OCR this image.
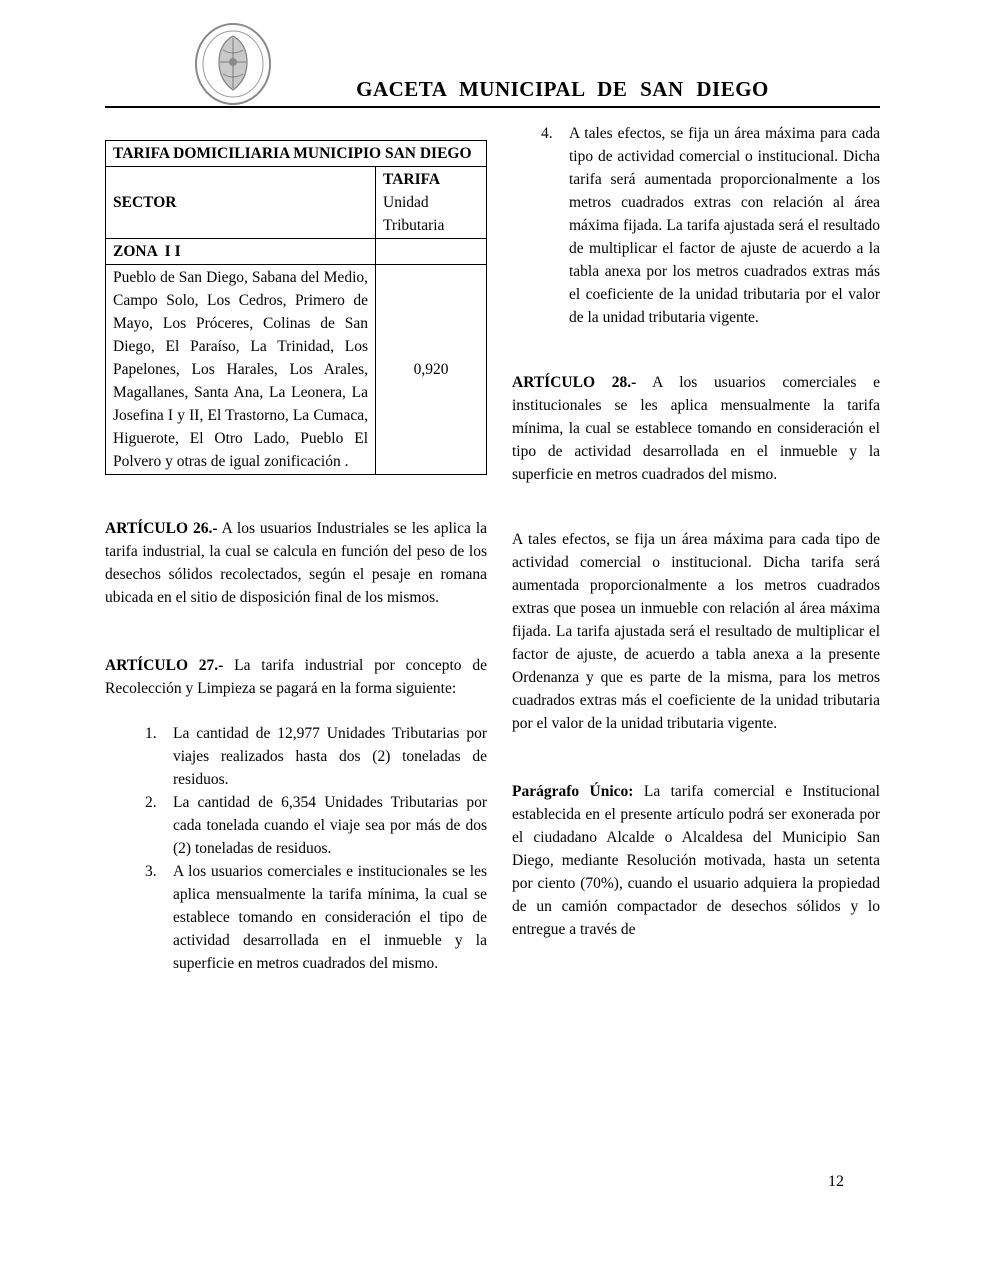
GACETA MUNICIPAL DE SAN DIEGO
TARIFA DOMICILIARIA MUNICIPIO SAN DIEGO	
SECTOR	TARIFA
Unidad Tributaria
ZONA  I I	
Pueblo de San Diego, Sabana del Medio, Campo Solo, Los Cedros, Primero de Mayo, Los Próceres, Colinas de San Diego, El Paraíso, La Trinidad, Los Papelones, Los Harales, Los Arales, Magallanes, Santa Ana, La Leonera, La Josefina I y II, El Trastorno, La Cumaca, Higuerote, El Otro Lado, Pueblo El Polvero y otras de igual zonificación .	0,920

ARTÍCULO 26.- A los usuarios Industriales se les aplica la tarifa industrial, la cual se calcula en función del peso de los desechos sólidos recolectados, según el pesaje en romana ubicada en el sitio de disposición final de los mismos.

ARTÍCULO 27.- La tarifa industrial por concepto de Recolección y Limpieza se pagará en la forma siguiente:

1.	La cantidad de 12,977 Unidades Tributarias por viajes realizados hasta dos (2) toneladas de residuos.
2.	La cantidad de 6,354 Unidades Tributarias por cada tonelada cuando el viaje sea por más de dos (2) toneladas de residuos.
3.	A los usuarios comerciales e institucionales se les aplica mensualmente la tarifa mínima, la cual se establece tomando en consideración el tipo de actividad desarrollada en el inmueble y la superficie en metros cuadrados del mismo.
4.	A tales efectos, se fija un área máxima para cada tipo de actividad comercial o institucional. Dicha tarifa será aumentada proporcionalmente a los metros cuadrados extras con relación al área máxima fijada. La tarifa ajustada será el resultado de multiplicar el factor de ajuste de acuerdo a la tabla anexa por los metros cuadrados extras más el coeficiente de la unidad tributaria por el valor de la unidad tributaria vigente.

ARTÍCULO 28.- A los usuarios comerciales e institucionales se les aplica mensualmente la tarifa mínima, la cual se establece tomando en consideración el tipo de actividad desarrollada en el inmueble y la superficie en metros cuadrados del mismo.

A tales efectos, se fija un área máxima para cada tipo de actividad comercial o institucional. Dicha tarifa será aumentada proporcionalmente a los metros cuadrados extras que posea un inmueble con relación al área máxima fijada. La tarifa ajustada será el resultado de multiplicar el factor de ajuste, de acuerdo a tabla anexa a la presente Ordenanza y que es parte de la misma, para los metros cuadrados extras más el coeficiente de la unidad tributaria por el valor de la unidad tributaria vigente.

Parágrafo Único: La tarifa comercial e Institucional establecida en el presente artículo podrá ser exonerada por el ciudadano Alcalde o Alcaldesa del Municipio San Diego, mediante Resolución motivada, hasta un setenta por ciento (70%), cuando el usuario adquiera la propiedad de un camión compactador de desechos sólidos y lo entregue a través de

12
